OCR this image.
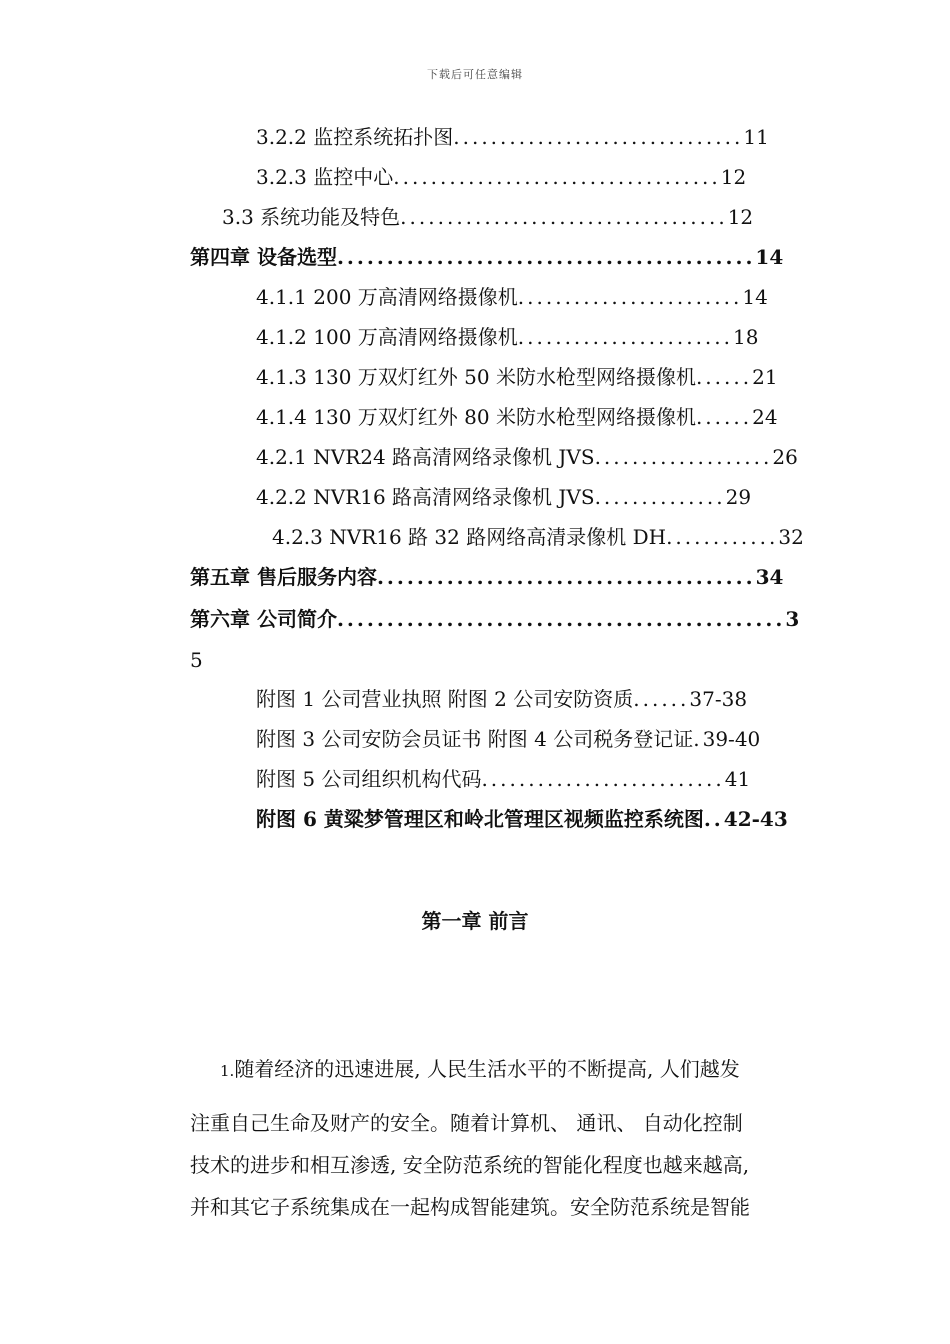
下载后可任意编辑
3.2.2 监控系统拓扑图...............................11
3.2.3 监控中心...................................12
3.3 系统功能及特色...................................12
第四章 设备选型..........................................14
4.1.1 200 万高清网络摄像机........................14
4.1.2 100 万高清网络摄像机.......................18
4.1.3 130 万双灯红外 50 米防水枪型网络摄像机......21
4.1.4 130 万双灯红外 80 米防水枪型网络摄像机......24
4.2.1 NVR24 路高清网络录像机 JVS...................26
4.2.2 NVR16 路高清网络录像机 JVS..............29
4.2.3 NVR16 路 32 路网络高清录像机 DH............32
第五章 售后服务内容......................................34
第六章 公司简介.............................................3
5
附图 1 公司营业执照 附图 2 公司安防资质......37-38
附图 3 公司安防会员证书 附图 4 公司税务登记证.39-40
附图 5 公司组织机构代码..........................41
附图 6 黄粱梦管理区和岭北管理区视频监控系统图..42-43
第一章 前言
1.随着经济的迅速进展, 人民生活水平的不断提高, 人们越发
注重自己生命及财产的安全。随着计算机、 通讯、 自动化控制
技术的进步和相互渗透, 安全防范系统的智能化程度也越来越高,
并和其它子系统集成在一起构成智能建筑。安全防范系统是智能
